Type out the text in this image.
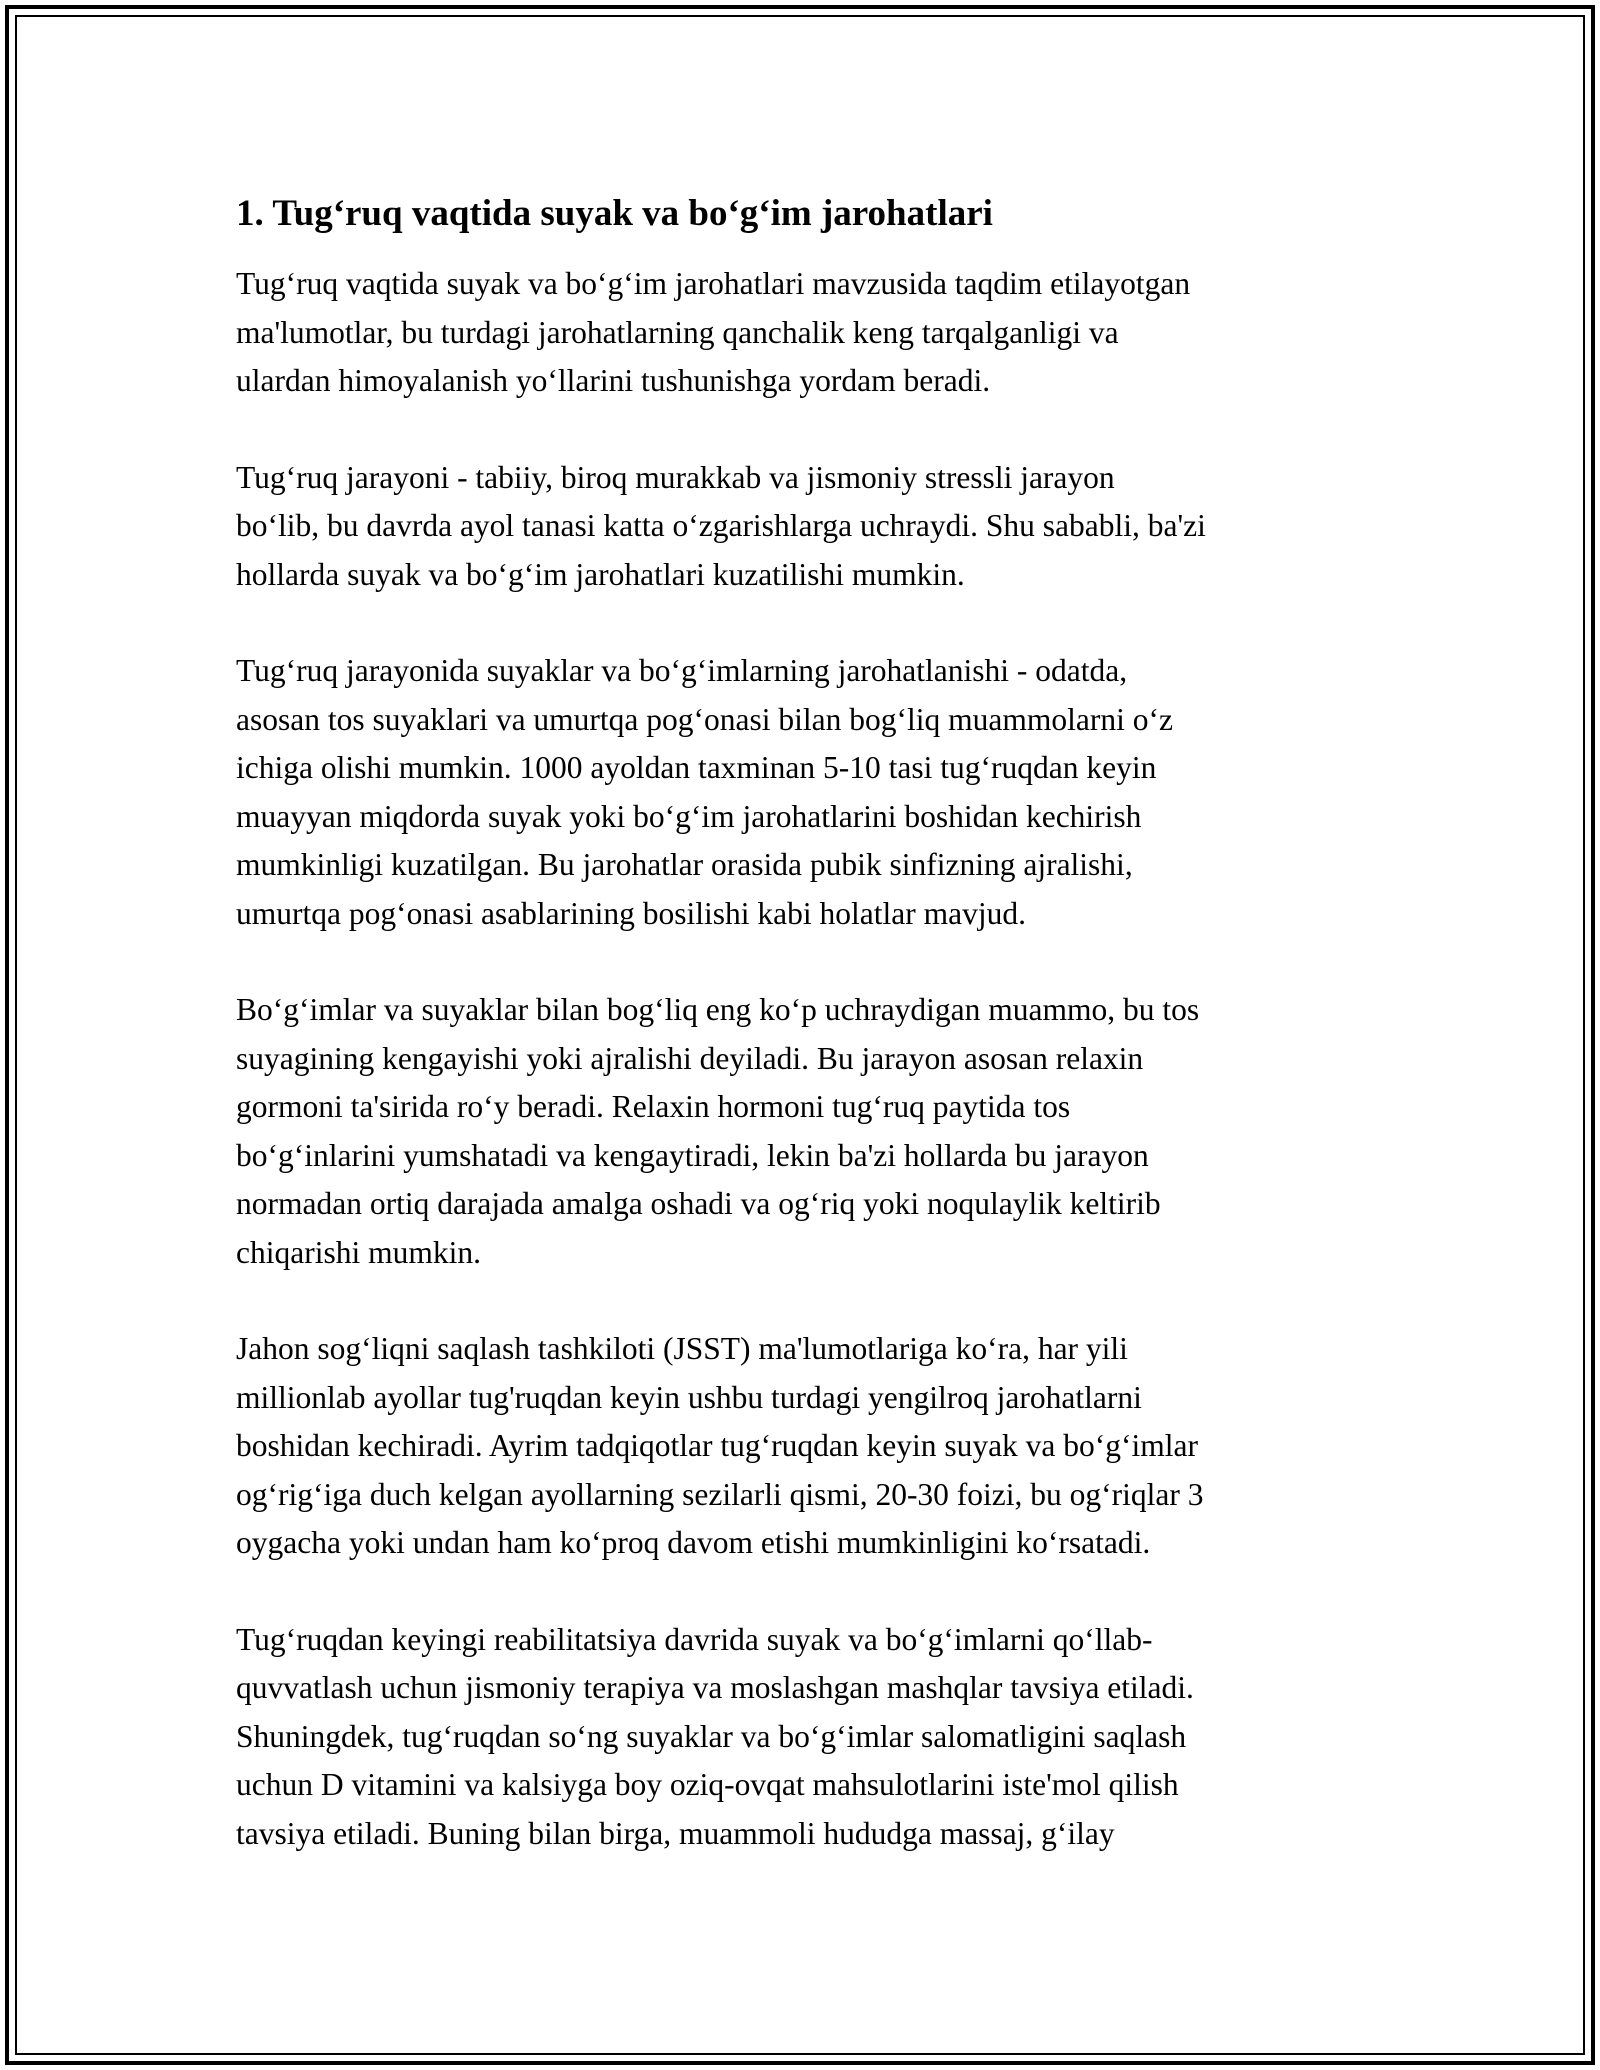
1. Tug‘ruq vaqtida suyak va bo‘g‘im jarohatlari
Tug‘ruq vaqtida suyak va bo‘g‘im jarohatlari mavzusida taqdim etilayotgan
ma'lumotlar, bu turdagi jarohatlarning qanchalik keng tarqalganligi va
ulardan himoyalanish yo‘llarini tushunishga yordam beradi.
Tug‘ruq jarayoni - tabiiy, biroq murakkab va jismoniy stressli jarayon
bo‘lib, bu davrda ayol tanasi katta o‘zgarishlarga uchraydi. Shu sababli, ba'zi
hollarda suyak va bo‘g‘im jarohatlari kuzatilishi mumkin.
Tug‘ruq jarayonida suyaklar va bo‘g‘imlarning jarohatlanishi - odatda,
asosan tos suyaklari va umurtqa pog‘onasi bilan bog‘liq muammolarni o‘z
ichiga olishi mumkin. 1000 ayoldan taxminan 5-10 tasi tug‘ruqdan keyin
muayyan miqdorda suyak yoki bo‘g‘im jarohatlarini boshidan kechirish
mumkinligi kuzatilgan. Bu jarohatlar orasida pubik sinfizning ajralishi,
umurtqa pog‘onasi asablarining bosilishi kabi holatlar mavjud.
Bo‘g‘imlar va suyaklar bilan bog‘liq eng ko‘p uchraydigan muammo, bu tos
suyagining kengayishi yoki ajralishi deyiladi. Bu jarayon asosan relaxin
gormoni ta'sirida ro‘y beradi. Relaxin hormoni tug‘ruq paytida tos
bo‘g‘inlarini yumshatadi va kengaytiradi, lekin ba'zi hollarda bu jarayon
normadan ortiq darajada amalga oshadi va og‘riq yoki noqulaylik keltirib
chiqarishi mumkin.
Jahon sog‘liqni saqlash tashkiloti (JSST) ma'lumotlariga ko‘ra, har yili
millionlab ayollar tug'ruqdan keyin ushbu turdagi yengilroq jarohatlarni
boshidan kechiradi. Ayrim tadqiqotlar tug‘ruqdan keyin suyak va bo‘g‘imlar
og‘rig‘iga duch kelgan ayollarning sezilarli qismi, 20-30 foizi, bu og‘riqlar 3
oygacha yoki undan ham ko‘proq davom etishi mumkinligini ko‘rsatadi.
Tug‘ruqdan keyingi reabilitatsiya davrida suyak va bo‘g‘imlarni qo‘llab-
quvvatlash uchun jismoniy terapiya va moslashgan mashqlar tavsiya etiladi.
Shuningdek, tug‘ruqdan so‘ng suyaklar va bo‘g‘imlar salomatligini saqlash
uchun D vitamini va kalsiyga boy oziq-ovqat mahsulotlarini iste'mol qilish
tavsiya etiladi. Buning bilan birga, muammoli hududga massaj, g‘ilay
